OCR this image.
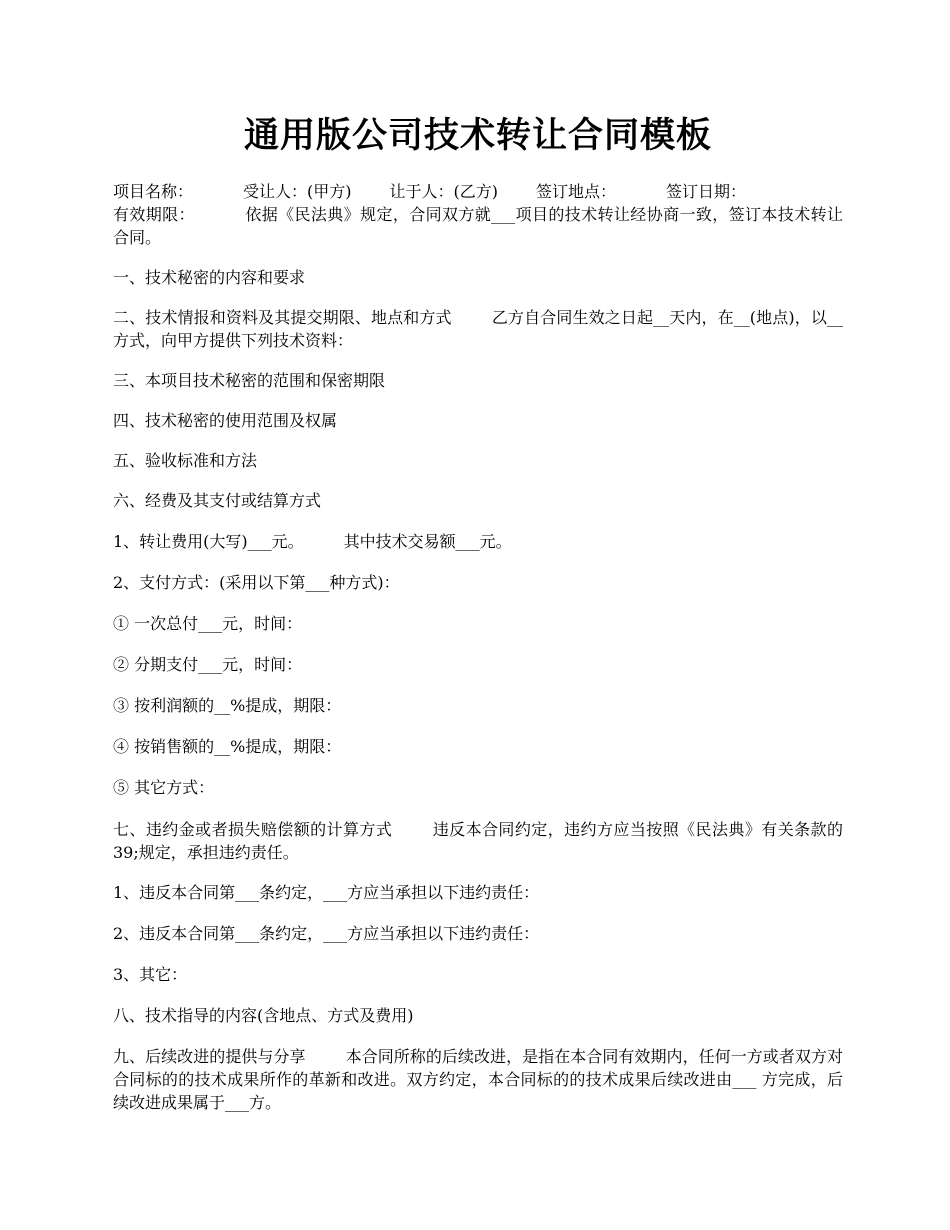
通用版公司技术转让合同模板
项目名称：	受让人：(甲方) 让于人：(乙方) 签订地点：	签订日期：
有效期限：	依据《民法典》规定，合同双方就___项目的技术转让经协商一致，签订本技术转让合同。
一、技术秘密的内容和要求
二、技术情报和资料及其提交期限、地点和方式	乙方自合同生效之日起__天内，在__(地点)，以__方式，向甲方提供下列技术资料：
三、本项目技术秘密的范围和保密期限
四、技术秘密的使用范围及权属
五、验收标准和方法
六、经费及其支付或结算方式
1、转让费用(大写)___元。	其中技术交易额___元。
2、支付方式：(采用以下第___种方式)：
① 一次总付___元，时间：
② 分期支付___元，时间：
③ 按利润额的__%提成，期限：
④ 按销售额的__%提成，期限：
⑤ 其它方式：
七、违约金或者损失赔偿额的计算方式	违反本合同约定，违约方应当按照《民法典》有关条款的39;规定，承担违约责任。
1、违反本合同第___条约定，___方应当承担以下违约责任：
2、违反本合同第___条约定，___方应当承担以下违约责任：
3、其它：
八、技术指导的内容(含地点、方式及费用)
九、后续改进的提供与分享	本合同所称的后续改进，是指在本合同有效期内，任何一方或者双方对合同标的的技术成果所作的革新和改进。双方约定，本合同标的的技术成果后续改进由___ 方完成，后续改进成果属于___方。
